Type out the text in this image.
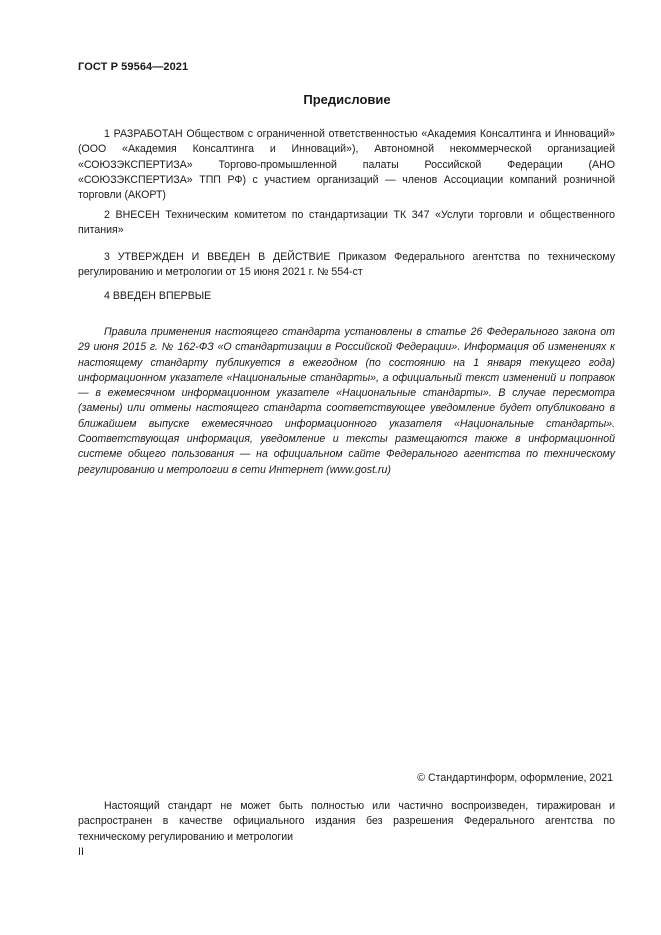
ГОСТ Р 59564—2021
Предисловие
1 РАЗРАБОТАН Обществом с ограниченной ответственностью «Академия Консалтинга и Инноваций» (ООО «Академия Консалтинга и Инноваций»), Автономной некоммерческой организацией «СОЮЗЭКСПЕРТИЗА» Торгово-промышленной палаты Российской Федерации (АНО «СОЮЗЭКСПЕРТИЗА» ТПП РФ) с участием организаций — членов Ассоциации компаний розничной торговли (АКОРТ)
2 ВНЕСЕН Техническим комитетом по стандартизации ТК 347 «Услуги торговли и общественного питания»
3 УТВЕРЖДЕН И ВВЕДЕН В ДЕЙСТВИЕ Приказом Федерального агентства по техническому регулированию и метрологии от 15 июня 2021 г. № 554-ст
4 ВВЕДЕН ВПЕРВЫЕ
Правила применения настоящего стандарта установлены в статье 26 Федерального закона от 29 июня 2015 г. № 162-ФЗ «О стандартизации в Российской Федерации». Информация об изменениях к настоящему стандарту публикуется в ежегодном (по состоянию на 1 января текущего года) информационном указателе «Национальные стандарты», а официальный текст изменений и поправок — в ежемесячном информационном указателе «Национальные стандарты». В случае пересмотра (замены) или отмены настоящего стандарта соответствующее уведомление будет опубликовано в ближайшем выпуске ежемесячного информационного указателя «Национальные стандарты». Соответствующая информация, уведомление и тексты размещаются также в информационной системе общего пользования — на официальном сайте Федерального агентства по техническому регулированию и метрологии в сети Интернет (www.gost.ru)
© Стандартинформ, оформление, 2021
Настоящий стандарт не может быть полностью или частично воспроизведен, тиражирован и распространен в качестве официального издания без разрешения Федерального агентства по техническому регулированию и метрологии
II
